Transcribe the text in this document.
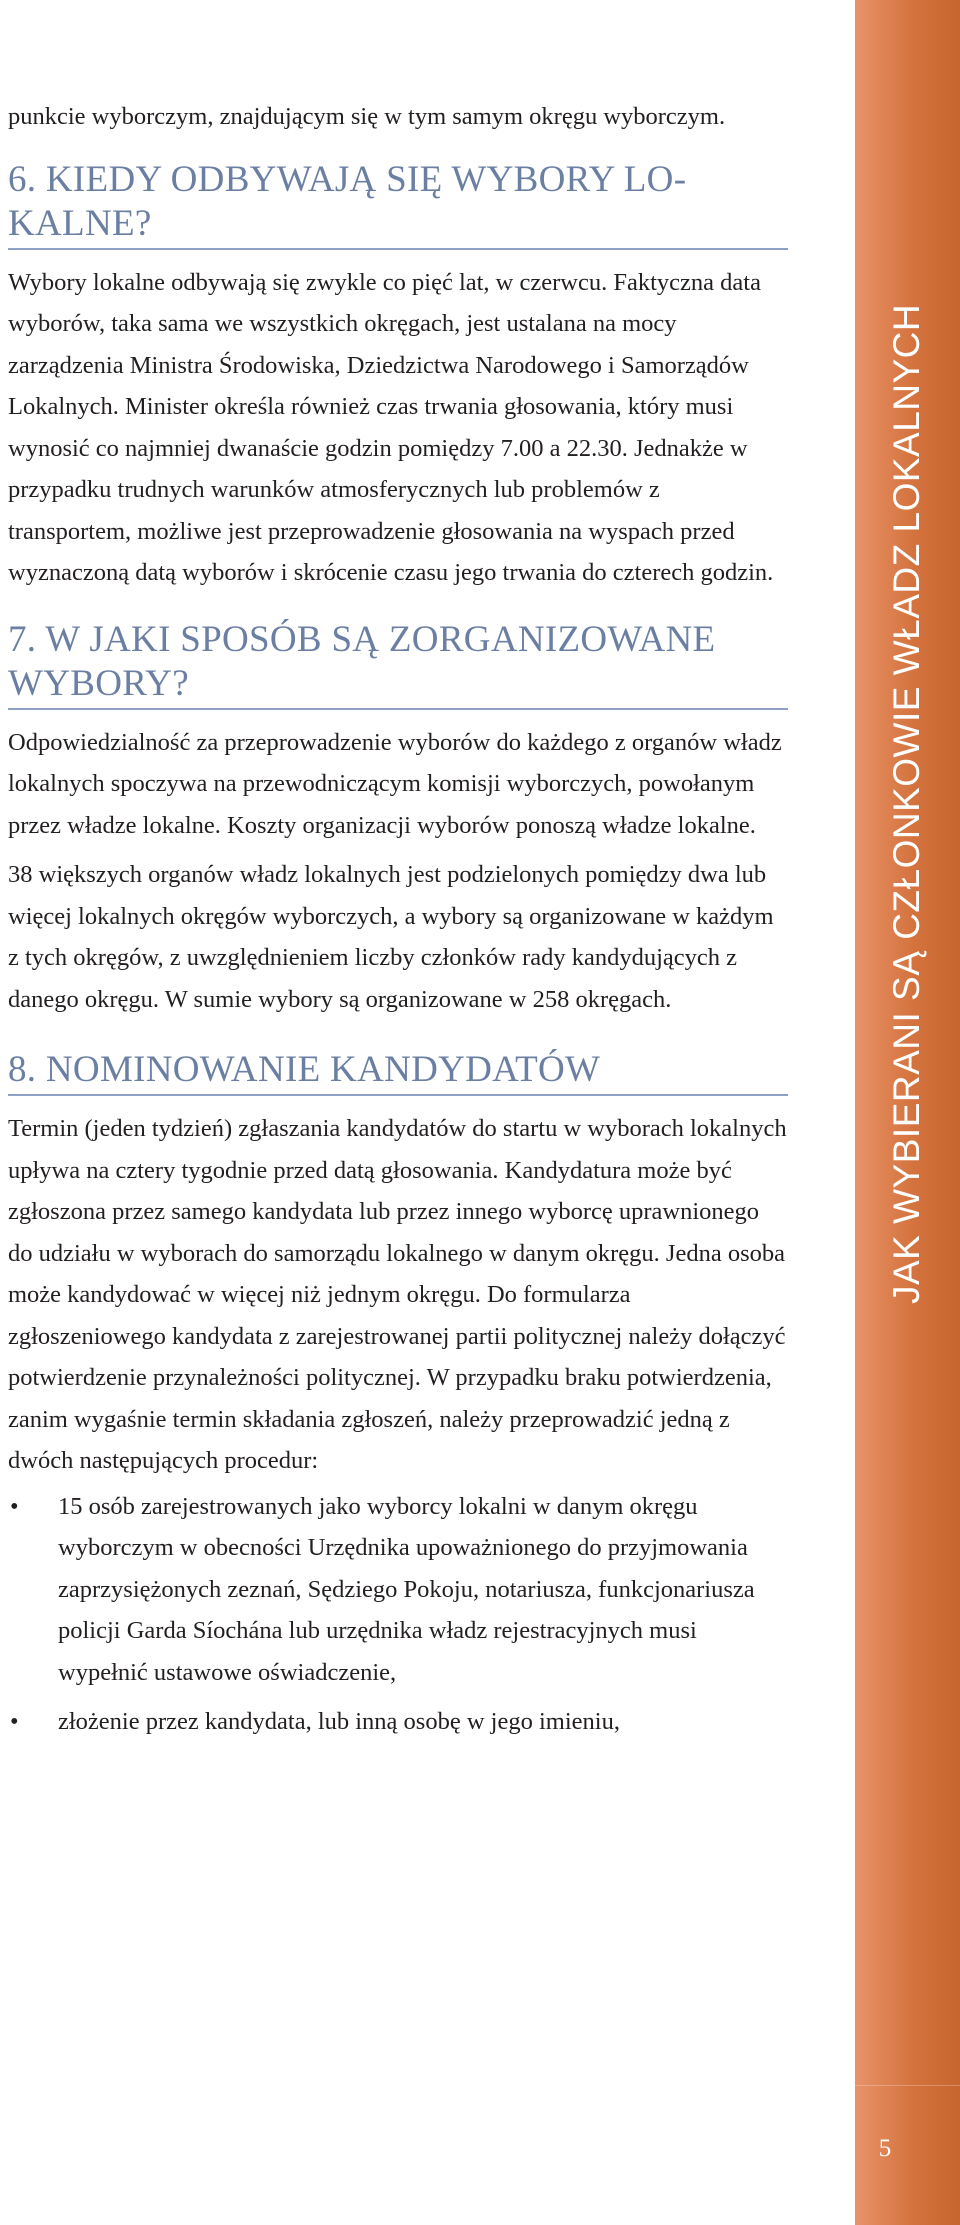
punkcie wyborczym, znajdującym się w tym samym okręgu wyborczym.

6. KIEDY ODBYWAJĄ SIĘ WYBORY LO-KALNE?

Wybory lokalne odbywają się zwykle co pięć lat, w czerwcu. Faktyczna data wyborów, taka sama we wszystkich okręgach, jest ustalana na mocy zarządzenia Ministra Środowiska, Dziedzictwa Narodowego i Samorządów Lokalnych. Minister określa również czas trwania głosowania, który musi wynosić co najmniej dwanaście godzin pomiędzy 7.00 a 22.30. Jednakże w przypadku trudnych warunków atmosferycznych lub problemów z transportem, możliwe jest przeprowadzenie głosowania na wyspach przed wyznaczoną datą wyborów i skrócenie czasu jego trwania do czterech godzin.

7. W JAKI SPOSÓB SĄ ZORGANIZOWANE WYBORY?

Odpowiedzialność za przeprowadzenie wyborów do każdego z organów władz lokalnych spoczywa na przewodniczącym komisji wyborczych, powołanym przez władze lokalne. Koszty organizacji wyborów ponoszą władze lokalne.

38 większych organów władz lokalnych jest podzielonych pomiędzy dwa lub więcej lokalnych okręgów wyborczych, a wybory są organizowane w każdym z tych okręgów, z uwzględnieniem liczby członków rady kandydujących z danego okręgu. W sumie wybory są organizowane w 258 okręgach.

8. NOMINOWANIE KANDYDATÓW

Termin (jeden tydzień) zgłaszania kandydatów do startu w wyborach lokalnych upływa na cztery tygodnie przed datą głosowania. Kandydatura może być zgłoszona przez samego kandydata lub przez innego wyborcę uprawnionego do udziału w wyborach do samorządu lokalnego w danym okręgu. Jedna osoba może kandydować w więcej niż jednym okręgu. Do formularza zgłoszeniowego kandydata z zarejestrowanej partii politycznej należy dołączyć potwierdzenie przynależności politycznej. W przypadku braku potwierdzenia, zanim wygaśnie termin składania zgłoszeń, należy przeprowadzić jedną z dwóch następujących procedur:

• 15 osób zarejestrowanych jako wyborcy lokalni w danym okręgu wyborczym w obecności Urzędnika upoważnionego do przyjmowania zaprzysiężonych zeznań, Sędziego Pokoju, notariusza, funkcjonariusza policji Garda Síochána lub urzędnika władz rejestracyjnych musi wypełnić ustawowe oświadczenie,
• złożenie przez kandydata, lub inną osobę w jego imieniu,
JAK WYBIERANI SĄ CZŁONKOWIE WŁADZ LOKALNYCH
5
